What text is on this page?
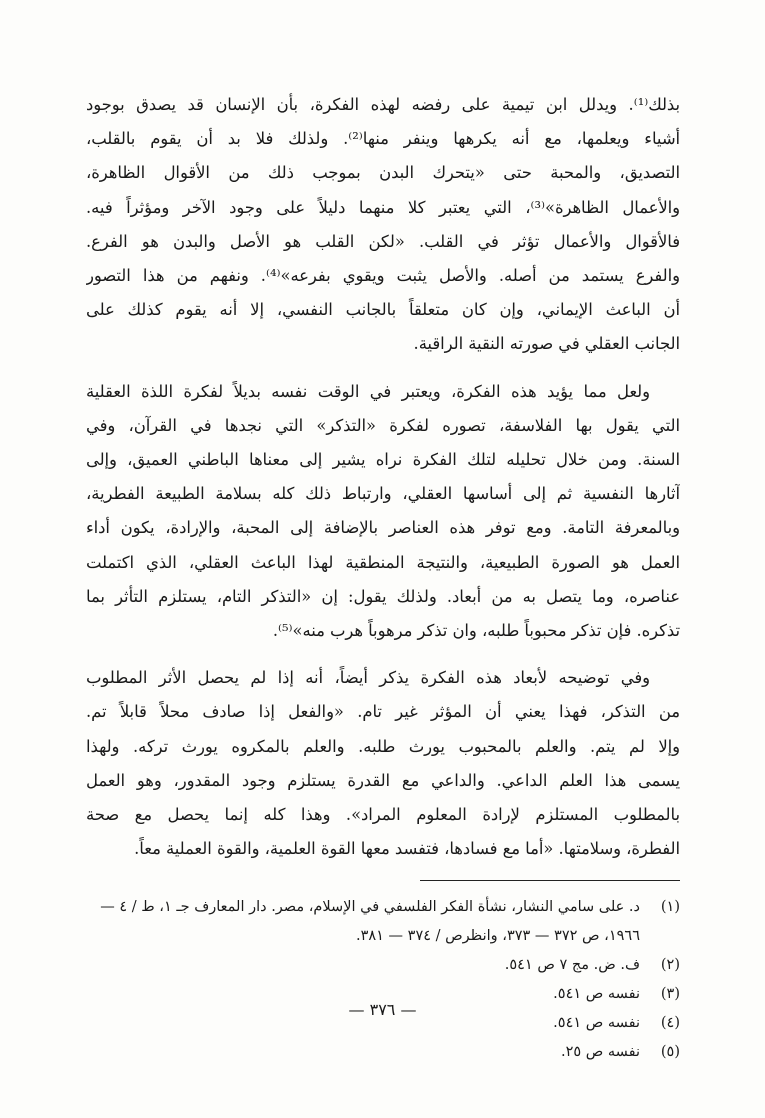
بذلك⁽¹⁾. ويدلل ابن تيمية على رفضه لهذه الفكرة، بأن الإنسان قد يصدق بوجود
أشياء ويعلمها، مع أنه يكرهها وينفر منها⁽²⁾. ولذلك فلا بد أن يقوم بالقلب،
التصديق، والمحبة حتى «يتحرك البدن بموجب ذلك من الأقوال الظاهرة،
والأعمال الظاهرة»⁽³⁾، التي يعتبر كلا منهما دليلاً على وجود الآخر ومؤثراً فيه.
فالأقوال والأعمال تؤثر في القلب. «لكن القلب هو الأصل والبدن هو الفرع.
والفرع يستمد من أصله. والأصل يثبت ويقوي بفرعه»⁽⁴⁾. ونفهم من هذا التصور
أن الباعث الإيماني، وإن كان متعلقاً بالجانب النفسي، إلا أنه يقوم كذلك على
الجانب العقلي في صورته النقية الراقية.

ولعل مما يؤيد هذه الفكرة، ويعتبر في الوقت نفسه بديلاً لفكرة اللذة العقلية
التي يقول بها الفلاسفة، تصوره لفكرة «التذكر» التي نجدها في القرآن، وفي
السنة. ومن خلال تحليله لتلك الفكرة نراه يشير إلى معناها الباطني العميق، وإلى
آثارها النفسية ثم إلى أساسها العقلي، وارتباط ذلك كله بسلامة الطبيعة الفطرية،
وبالمعرفة التامة. ومع توفر هذه العناصر بالإضافة إلى المحبة، والإرادة، يكون أداء
العمل هو الصورة الطبيعية، والنتيجة المنطقية لهذا الباعث العقلي، الذي اكتملت
عناصره، وما يتصل به من أبعاد. ولذلك يقول: إن «التذكر التام، يستلزم التأثر بما
تذكره. فإن تذكر محبوباً طلبه، وان تذكر مرهوباً هرب منه»⁽⁵⁾.

وفي توضيحه لأبعاد هذه الفكرة يذكر أيضاً، أنه إذا لم يحصل الأثر المطلوب
من التذكر، فهذا يعني أن المؤثر غير تام. «والفعل إذا صادف محلاً قابلاً تم.
وإلا لم يتم. والعلم بالمحبوب يورث طلبه. والعلم بالمكروه يورث تركه. ولهذا
يسمى هذا العلم الداعي. والداعي مع القدرة يستلزم وجود المقدور، وهو العمل
بالمطلوب المستلزم لإرادة المعلوم المراد». وهذا كله إنما يحصل مع صحة
الفطرة، وسلامتها. «أما مع فسادها، فتفسد معها القوة العلمية، والقوة العملية معاً.

(١)
د. على سامي النشار، نشأة الفكر الفلسفي في الإسلام، مصر. دار المعارف جـ ١، ط / ٤ — ١٩٦٦، ص ٣٧٢ — ٣٧٣، وانظرص / ٣٧٤ — ٣٨١.
(٢)
ف. ض. مج ٧ ص ٥٤١.
(٣)
نفسه ص ٥٤١.
(٤)
نفسه ص ٥٤١.
(٥)
نفسه ص ٢٥.
— ٣٧٦ —
